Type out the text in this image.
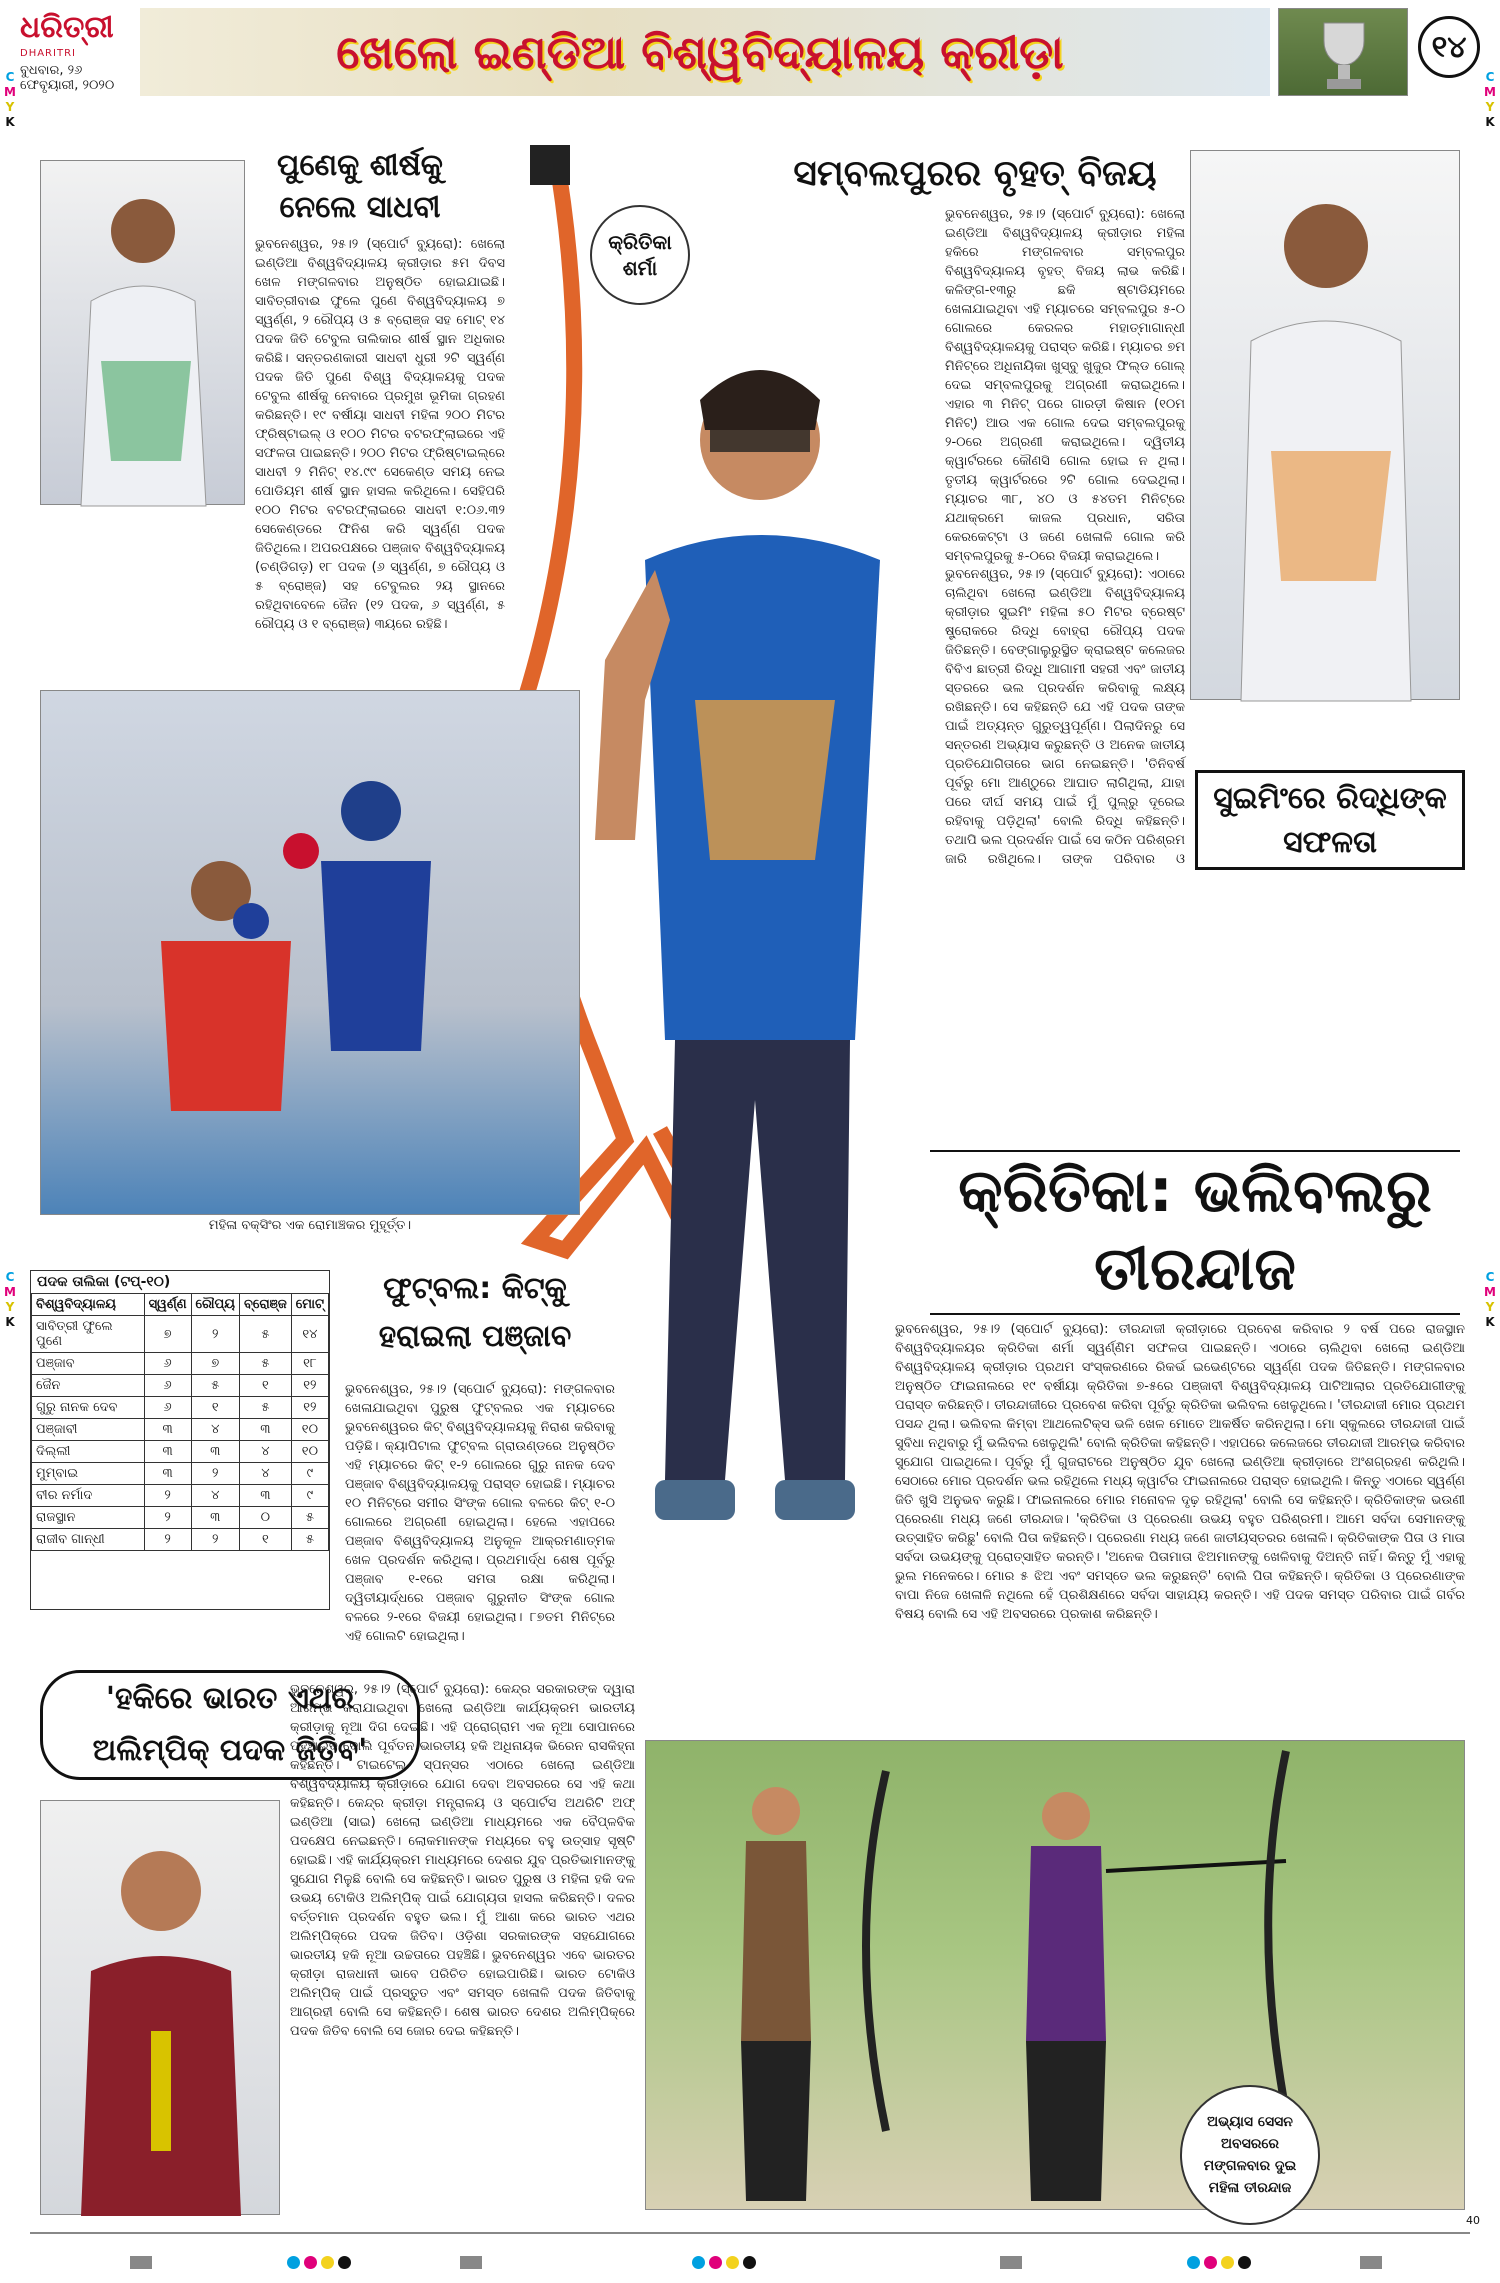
ଧରିତ୍ରୀ
DHARITRI
ବୁଧବାର, ୨୬
ଫେବୃୟାରୀ, ୨୦୨୦
ଖେଲୋ ଇଣ୍ଡିଆ ବିଶ୍ୱବିଦ୍ୟାଳୟ କ୍ରୀଡ଼ା	୧୪
C
M
Y
K
C
M
Y
K
C
M
Y
K
C
M
Y
K
ପୁଣେକୁ ଶୀର୍ଷକୁ ନେଲେ ସାଧବୀ
ଭୁବନେଶ୍ୱର, ୨୫।୨ (ସ୍ପୋର୍ଟ ବ୍ୟୁରୋ): ଖେଲୋ ଇଣ୍ଡିଆ ବିଶ୍ୱବିଦ୍ୟାଳୟ କ୍ରୀଡ଼ାର ୫ମ ଦିବସ ଖେଳ ମଙ୍ଗଳବାର ଅନୁଷ୍ଠିତ ହୋଇଯାଇଛି। ସାବିତ୍ରୀବାଈ ଫୁଲେ ପୁଣେ ବିଶ୍ୱବିଦ୍ୟାଳୟ ୭ ସ୍ୱର୍ଣ୍ଣ, ୨ ରୌପ୍ୟ ଓ ୫ ବ୍ରୋଞ୍ଜ ସହ ମୋଟ୍ ୧୪ ପଦକ ଜିତି ଟେବୁଲ ତାଲିକାର ଶୀର୍ଷ ସ୍ଥାନ ଅଧିକାର କରିଛି। ସନ୍ତରଣକାରୀ ସାଧବୀ ଧୁରୀ ୨ଟି ସ୍ୱର୍ଣ୍ଣ ପଦକ ଜିତି ପୁଣେ ବିଶ୍ୱ ବିଦ୍ୟାଳୟକୁ ପଦକ ଟେବୁଲ ଶୀର୍ଷକୁ ନେବାରେ ପ୍ରମୁଖ ଭୂମିକା ଗ୍ରହଣ କରିଛନ୍ତି। ୧୯ ବର୍ଷୀୟା ସାଧବୀ ମହିଳା ୨୦୦ ମିଟର ଫ୍ରିଷ୍ଟାଇଲ୍ ଓ ୧୦୦ ମିଟର ବଟରଫ୍ଲାଇରେ ଏହି ସଫଳତା ପାଇଛନ୍ତି। ୨୦୦ ମିଟର ଫ୍ରିଷ୍ଟାଇଲ୍‌ରେ ସାଧବୀ ୨ ମିନିଟ୍ ୧୪.୯୯ ସେକେଣ୍ଡ ସମୟ ନେଇ ପୋଡିୟମ ଶୀର୍ଷ ସ୍ଥାନ ହାସଲ କରିଥିଲେ। ସେହିପରି ୧୦୦ ମିଟର ବଟରଫ୍ଲାଇରେ ସାଧବୀ ୧:୦୬.୩୨ ସେକେଣ୍ଡରେ ଫିନିଶ କରି ସ୍ୱର୍ଣ୍ଣ ପଦକ ଜିତିଥିଲେ। ଅପରପକ୍ଷରେ ପଞ୍ଜାବ ବିଶ୍ୱବିଦ୍ୟାଳୟ (ଚଣ୍ଡିଗଡ଼) ୧୮ ପଦକ (୬ ସ୍ୱର୍ଣ୍ଣ, ୭ ରୌପ୍ୟ ଓ ୫ ବ୍ରୋଞ୍ଜ) ସହ ଟେବୁଲର ୨ୟ ସ୍ଥାନରେ ରହିଥିବାବେଳେ ଜୈନ (୧୨ ପଦକ, ୬ ସ୍ୱର୍ଣ୍ଣ, ୫ ରୌପ୍ୟ ଓ ୧ ବ୍ରୋଞ୍ଜ) ୩ୟରେ ରହିଛି।
ସମ୍ବଲପୁରର ବୃହତ୍ ବିଜୟ
ଭୁବନେଶ୍ୱର, ୨୫।୨ (ସ୍ପୋର୍ଟ ବ୍ୟୁରୋ): ଖେଲୋ ଇଣ୍ଡିଆ ବିଶ୍ୱବିଦ୍ୟାଳୟ କ୍ରୀଡ଼ାର ମହିଳା ହକିରେ ମଙ୍ଗଳବାର ସମ୍ବଲପୁର ବିଶ୍ୱବିଦ୍ୟାଳୟ ବୃହତ୍ ବିଜୟ ଲାଭ କରିଛି। କଳିଙ୍ଗ-୧୩ରୁ ଛକି ଷ୍ଟାଡିୟମରେ ଖେଳାଯାଇଥିବା ଏହି ମ୍ୟାଚରେ ସମ୍ବଲପୁର ୫-୦ ଗୋଲରେ କେରଳର ମହାତ୍ମାଗାନ୍ଧୀ ବିଶ୍ୱବିଦ୍ୟାଳୟକୁ ପରାସ୍ତ କରିଛି। ମ୍ୟାଚର ୭ମ ମିନିଟ୍‌ରେ ଅଧିନାୟିକା ଖୁସ୍‌ବୁ ଖୁଜୁର ଫିଲ୍ଡ ଗୋଲ୍ ଦେଇ ସମ୍ବଲପୁରକୁ ଅଗ୍ରଣୀ କରାଇଥିଲେ। ଏହାର ୩ ମିନିଟ୍ ପରେ ଗାରଡ଼ୀ କିଷାନ (୧୦ମ ମିନିଟ୍) ଆଉ ଏକ ଗୋଲ ଦେଇ ସମ୍ବଲପୁରକୁ ୨-୦ରେ ଅଗ୍ରଣୀ କରାଇଥିଲେ। ଦ୍ୱିତୀୟ କ୍ୱାର୍ଟରରେ କୌଣସି ଗୋଲ ହୋଇ ନ ଥିଲା। ତୃତୀୟ କ୍ୱାର୍ଟରରେ ୨ଟି ଗୋଲ ଦେଇଥିଲା। ମ୍ୟାଚର ୩୮, ୪୦ ଓ ୫୪ତମ ମିନିଟ୍‌ରେ ଯଥାକ୍ରମେ କାଜଲ ପ୍ରଧାନ, ସରିତା କେରକେଟ୍ଟା ଓ ଜଣେ ଖେଳାଳି ଗୋଲ କରି ସମ୍ବଲପୁରକୁ ୫-୦ରେ ବିଜୟୀ କରାଇଥିଲେ।
ଭୁବନେଶ୍ୱର, ୨୫।୨ (ସ୍ପୋର୍ଟ ବ୍ୟୁରୋ): ଏଠାରେ ଚାଲିଥିବା ଖେଲୋ ଇଣ୍ଡିଆ ବିଶ୍ୱବିଦ୍ୟାଳୟ କ୍ରୀଡ଼ାର ସୁଇମିଂ ମହିଳା ୫୦ ମିଟର ବ୍ରେଷ୍ଟ ଷ୍ଟ୍ରୋକରେ ରିଦ୍ଧି ବୋହ୍ରା ରୌପ୍ୟ ପଦକ ଜିତିଛନ୍ତି। ବେଙ୍ଗାଲୁରୁସ୍ଥିତ କ୍ରାଇଷ୍ଟ କଲେଜର ବିବିଏ ଛାତ୍ରୀ ରିଦ୍ଧି ଆଗାମୀ ସହରୀ ଏବଂ ଜାତୀୟ ସ୍ତରରେ ଭଲ ପ୍ରଦର୍ଶନ କରିବାକୁ ଲକ୍ଷ୍ୟ ରଖିଛନ୍ତି। ସେ କହିଛନ୍ତି ଯେ ଏହି ପଦକ ତାଙ୍କ ପାଇଁ ଅତ୍ୟନ୍ତ ଗୁରୁତ୍ୱପୂର୍ଣ୍ଣ। ପିଲାଦିନରୁ ସେ ସନ୍ତରଣ ଅଭ୍ୟାସ କରୁଛନ୍ତି ଓ ଅନେକ ଜାତୀୟ ପ୍ରତିଯୋଗିତାରେ ଭାଗ ନେଇଛନ୍ତି। 'ତିନିବର୍ଷ ପୂର୍ବରୁ ମୋ ଆଣ୍ଠୁରେ ଆଘାତ ଲାଗିଥିଲା, ଯାହା ପରେ ଦୀର୍ଘ ସମୟ ପାଇଁ ମୁଁ ପୁଲ୍‌ରୁ ଦୂରେଇ ରହିବାକୁ ପଡ଼ିଥିଲା' ବୋଲି ରିଦ୍ଧି କହିଛନ୍ତି। ତଥାପି ଭଲ ପ୍ରଦର୍ଶନ ପାଇଁ ସେ କଠିନ ପରିଶ୍ରମ ଜାରି ରଖିଥିଲେ। ତାଙ୍କ ପରିବାର ଓ
ସୁଇମିଂରେ ରିଦ୍ଧିଙ୍କ ସଫଳତା
କ୍ରିତିକା
ଶର୍ମା
ମହିଳା ବକ୍ସିଂର ଏକ ରୋମାଞ୍ଚକର ମୁହୂର୍ତ୍ତ।	କ୍ରିତିକା: ଭଲିବଲରୁ ତୀରନ୍ଦାଜ
ଭୁବନେଶ୍ୱର, ୨୫।୨ (ସ୍ପୋର୍ଟ ବ୍ୟୁରୋ): ତୀରନ୍ଦାଜୀ କ୍ରୀଡ଼ାରେ ପ୍ରବେଶ କରିବାର ୨ ବର୍ଷ ପରେ ରାଜସ୍ଥାନ ବିଶ୍ୱବିଦ୍ୟାଳୟର କ୍ରିତିକା ଶର୍ମା ସ୍ୱର୍ଣ୍ଣିମ ସଫଳତା ପାଇଛନ୍ତି। ଏଠାରେ ଚାଲିଥିବା ଖେଲୋ ଇଣ୍ଡିଆ ବିଶ୍ୱବିଦ୍ୟାଳୟ କ୍ରୀଡ଼ାର ପ୍ରଥମ ସଂସ୍କରଣରେ ରିକର୍ଭ ଇଭେଣ୍ଟରେ ସ୍ୱର୍ଣ୍ଣ ପଦକ ଜିତିଛନ୍ତି। ମଙ୍ଗଳବାର ଅନୁଷ୍ଠିତ ଫାଇନାଲରେ ୧୯ ବର୍ଷୀୟା କ୍ରିତିକା ୭-୫ରେ ପଞ୍ଜାବୀ ବିଶ୍ୱବିଦ୍ୟାଳୟ ପାଟିଆଲାର ପ୍ରତିଯୋଗୀଙ୍କୁ ପରାସ୍ତ କରିଛନ୍ତି। ତୀରନ୍ଦାଜୀରେ ପ୍ରବେଶ କରିବା ପୂର୍ବରୁ କ୍ରିତିକା ଭଲିବଲ ଖେଳୁଥିଲେ। 'ତୀରନ୍ଦାଜୀ ମୋର ପ୍ରଥମ ପସନ୍ଦ ଥିଲା। ଭଲିବଲ କିମ୍ବା ଆଥଲେଟିକ୍ସ ଭଳି ଖେଳ ମୋତେ ଆକର୍ଷିତ କରିନଥିଲା। ମୋ ସ୍କୁଲରେ ତୀରନ୍ଦାଜୀ ପାଇଁ ସୁବିଧା ନଥିବାରୁ ମୁଁ ଭଲିବଲ ଖେଳୁଥିଲି' ବୋଲି କ୍ରିତିକା କହିଛନ୍ତି। ଏହାପରେ କଲେଜରେ ତୀରନ୍ଦାଜୀ ଆରମ୍ଭ କରିବାର ସୁଯୋଗ ପାଇଥିଲେ। ପୂର୍ବରୁ ମୁଁ ଗୁଜରାଟରେ ଅନୁଷ୍ଠିତ ଯୁବ ଖେଲୋ ଇଣ୍ଡିଆ କ୍ରୀଡ଼ାରେ ଅଂଶଗ୍ରହଣ କରିଥିଲି। ସେଠାରେ ମୋର ପ୍ରଦର୍ଶନ ଭଲ ରହିଥିଲେ ମଧ୍ୟ କ୍ୱାର୍ଟର ଫାଇନାଲରେ ପରାସ୍ତ ହୋଇଥିଲି। କିନ୍ତୁ ଏଠାରେ ସ୍ୱର୍ଣ୍ଣ ଜିତି ଖୁସି ଅନୁଭବ କରୁଛି। ଫାଇନାଲରେ ମୋର ମନୋବଳ ଦୃଢ଼ ରହିଥିଲା' ବୋଲି ସେ କହିଛନ୍ତି। କ୍ରିତିକାଙ୍କ ଭଉଣୀ ପ୍ରେରଣା ମଧ୍ୟ ଜଣେ ତୀରନ୍ଦାଜ। 'କ୍ରିତିକା ଓ ପ୍ରେରଣା ଉଭୟ ବହୁତ ପରିଶ୍ରମୀ। ଆମେ ସର୍ବଦା ସେମାନଙ୍କୁ ଉତ୍ସାହିତ କରିଛୁ' ବୋଲି ପିତା କହିଛନ୍ତି। ପ୍ରେରଣା ମଧ୍ୟ ଜଣେ ଜାତୀୟସ୍ତରର ଖେଳାଳି। କ୍ରିତିକାଙ୍କ ପିତା ଓ ମାତା ସର୍ବଦା ଉଭୟଙ୍କୁ ପ୍ରୋତ୍ସାହିତ କରନ୍ତି। 'ଅନେକ ପିତାମାତା ଝିଅମାନଙ୍କୁ ଖେଳିବାକୁ ଦିଅନ୍ତି ନାହିଁ। କିନ୍ତୁ ମୁଁ ଏହାକୁ ଭୁଲ ମନେକରେ। ମୋର ୫ ଝିଅ ଏବଂ ସମସ୍ତେ ଭଲ କରୁଛନ୍ତି' ବୋଲି ପିତା କହିଛନ୍ତି। କ୍ରିତିକା ଓ ପ୍ରେରଣାଙ୍କ ବାପା ନିଜେ ଖେଳାଳି ନଥିଲେ ହେଁ ପ୍ରଶିକ୍ଷଣରେ ସର୍ବଦା ସାହାଯ୍ୟ କରନ୍ତି। ଏହି ପଦକ ସମସ୍ତ ପରିବାର ପାଇଁ ଗର୍ବର ବିଷୟ ବୋଲି ସେ ଏହି ଅବସରରେ ପ୍ରକାଶ କରିଛନ୍ତି।
ପଦକ ତାଲିକା (ଟପ୍-୧୦)
ବିଶ୍ୱବିଦ୍ୟାଳୟ	ସ୍ୱର୍ଣ୍ଣ	ରୌପ୍ୟ	ବ୍ରୋଞ୍ଜ	ମୋଟ୍
ସାବିତ୍ରୀ ଫୁଲେ ପୁଣେ	୭	୨	୫	୧୪
ପଞ୍ଜାବ	୬	୭	୫	୧୮
ଜୈନ	୬	୫	୧	୧୨
ଗୁରୁ ନାନକ ଦେବ	୬	୧	୫	୧୨
ପଞ୍ଜାବୀ	୩	୪	୩	୧୦
ଦିଲ୍ଲୀ	୩	୩	୪	୧୦
ମୁମ୍ବାଇ	୩	୨	୪	୯
ବୀର ନର୍ମାଦ	୨	୪	୩	୯
ରାଜସ୍ଥାନ	୨	୩	୦	୫
ରାଜୀବ ଗାନ୍ଧୀ	୨	୨	୧	୫
ଫୁଟ୍‌ବଲ: କିଟ୍‌କୁ ହରାଇଲା ପଞ୍ଜାବ
ଭୁବନେଶ୍ୱର, ୨୫।୨ (ସ୍ପୋର୍ଟ ବ୍ୟୁରୋ): ମଙ୍ଗଳବାର ଖେଳାଯାଇଥିବା ପୁରୁଷ ଫୁଟ୍‌ବଲର ଏକ ମ୍ୟାଚରେ ଭୁବନେଶ୍ୱରର କିଟ୍ ବିଶ୍ୱବିଦ୍ୟାଳୟକୁ ନିରାଶ କରିବାକୁ ପଡ଼ିଛି। କ୍ୟାପିଟାଲ ଫୁଟ୍‌ବଲ ଗ୍ରାଉଣ୍ଡରେ ଅନୁଷ୍ଠିତ ଏହି ମ୍ୟାଚରେ କିଟ୍ ୧-୨ ଗୋଲରେ ଗୁରୁ ନାନକ ଦେବ ପଞ୍ଜାବ ବିଶ୍ୱବିଦ୍ୟାଳୟକୁ ପରାସ୍ତ ହୋଇଛି। ମ୍ୟାଚର ୧୦ ମିନିଟ୍‌ରେ ସମୀର ସିଂଙ୍କ ଗୋଲ ବଳରେ କିଟ୍ ୧-୦ ଗୋଲରେ ଅଗ୍ରଣୀ ହୋଇଥିଲା। ହେଲେ ଏହାପରେ ପଞ୍ଜାବ ବିଶ୍ୱବିଦ୍ୟାଳୟ ଅନୁକୂଳ ଆକ୍ରମଣାତ୍ମକ ଖେଳ ପ୍ରଦର୍ଶନ କରିଥିଲା। ପ୍ରଥମାର୍ଦ୍ଧ ଶେଷ ପୂର୍ବରୁ ପଞ୍ଜାବ ୧-୧ରେ ସମତା ରକ୍ଷା କରିଥିଲା। ଦ୍ୱିତୀୟାର୍ଦ୍ଧରେ ପଞ୍ଜାବ ଗୁରୁନୀତ ସିଂଙ୍କ ଗୋଲ ବଳରେ ୨-୧ରେ ବିଜୟୀ ହୋଇଥିଲା। ୮୭ତମ ମିନିଟ୍‌ରେ ଏହି ଗୋଲଟି ହୋଇଥିଲା।
'ହକିରେ ଭାରତ ଏଥର ଅଲିମ୍ପିକ୍ ପଦକ ଜିତିବ'
ଭୁବନେଶ୍ୱର, ୨୫।୨ (ସ୍ପୋର୍ଟ ବ୍ୟୁରୋ): କେନ୍ଦ୍ର ସରକାରଙ୍କ ଦ୍ୱାରା ଆରମ୍ଭ କରାଯାଇଥିବା ଖେଲୋ ଇଣ୍ଡିଆ କାର୍ଯ୍ୟକ୍ରମ ଭାରତୀୟ କ୍ରୀଡ଼ାକୁ ନୂଆ ଦିଗ ଦେଇଛି। ଏହି ପ୍ରୋଗ୍ରାମ ଏକ ନୂଆ ସୋପାନରେ ପହଞ୍ଚାଇବ ବୋଲି ପୂର୍ବତନ ଭାରତୀୟ ହକି ଅଧିନାୟକ ଭିରେନ ରାସକିହ୍ନା କହିଛନ୍ତି। ଟାଇଟେଲ ସ୍ପନ୍ସର ଏଠାରେ ଖେଲୋ ଇଣ୍ଡିଆ ବିଶ୍ୱବିଦ୍ୟାଳୟ କ୍ରୀଡ଼ାରେ ଯୋଗ ଦେବା ଅବସରରେ ସେ ଏହି କଥା କହିଛନ୍ତି। କେନ୍ଦ୍ର କ୍ରୀଡ଼ା ମନ୍ତ୍ରାଳୟ ଓ ସ୍ପୋର୍ଟସ ଅଥରିଟି ଅଫ୍ ଇଣ୍ଡିଆ (ସାଇ) ଖେଲୋ ଇଣ୍ଡିଆ ମାଧ୍ୟମରେ ଏକ ବୈପ୍ଳବିକ ପଦକ୍ଷେପ ନେଇଛନ୍ତି। ଲୋକମାନଙ୍କ ମଧ୍ୟରେ ବହୁ ଉତ୍ସାହ ସୃଷ୍ଟି ହୋଇଛି। ଏହି କାର୍ଯ୍ୟକ୍ରମ ମାଧ୍ୟମରେ ଦେଶର ଯୁବ ପ୍ରତିଭାମାନଙ୍କୁ ସୁଯୋଗ ମିଳୁଛି ବୋଲି ସେ କହିଛନ୍ତି। ଭାରତ ପୁରୁଷ ଓ ମହିଳା ହକି ଦଳ ଉଭୟ ଟୋକିଓ ଅଲିମ୍ପିକ୍ ପାଇଁ ଯୋଗ୍ୟତା ହାସଲ କରିଛନ୍ତି। ଦଳର ବର୍ତ୍ତମାନ ପ୍ରଦର୍ଶନ ବହୁତ ଭଲ। ମୁଁ ଆଶା କରେ ଭାରତ ଏଥର ଅଲିମ୍ପିକ୍‌ରେ ପଦକ ଜିତିବ। ଓଡ଼ିଶା ସରକାରଙ୍କ ସହଯୋଗରେ ଭାରତୀୟ ହକି ନୂଆ ଉଚ୍ଚତାରେ ପହଞ୍ଚିଛି। ଭୁବନେଶ୍ୱର ଏବେ ଭାରତର କ୍ରୀଡ଼ା ରାଜଧାନୀ ଭାବେ ପରିଚିତ ହୋଇପାରିଛି। ଭାରତ ଟୋକିଓ ଅଲିମ୍ପିକ୍ ପାଇଁ ପ୍ରସ୍ତୁତ ଏବଂ ସମସ୍ତ ଖେଳାଳି ପଦକ ଜିତିବାକୁ ଆଗ୍ରହୀ ବୋଲି ସେ କହିଛନ୍ତି। ଶେଷ ଭାରତ ଦେଶର ଅଲିମ୍ପିକ୍‌ରେ ପଦକ ଜିତିବ ବୋଲି ସେ ଜୋର ଦେଇ କହିଛନ୍ତି।
ଅଭ୍ୟାସ ସେସନ ଅବସରରେ ମଙ୍ଗଳବାର ଦୁଇ ମହିଳା ତୀରନ୍ଦାଜ
40
